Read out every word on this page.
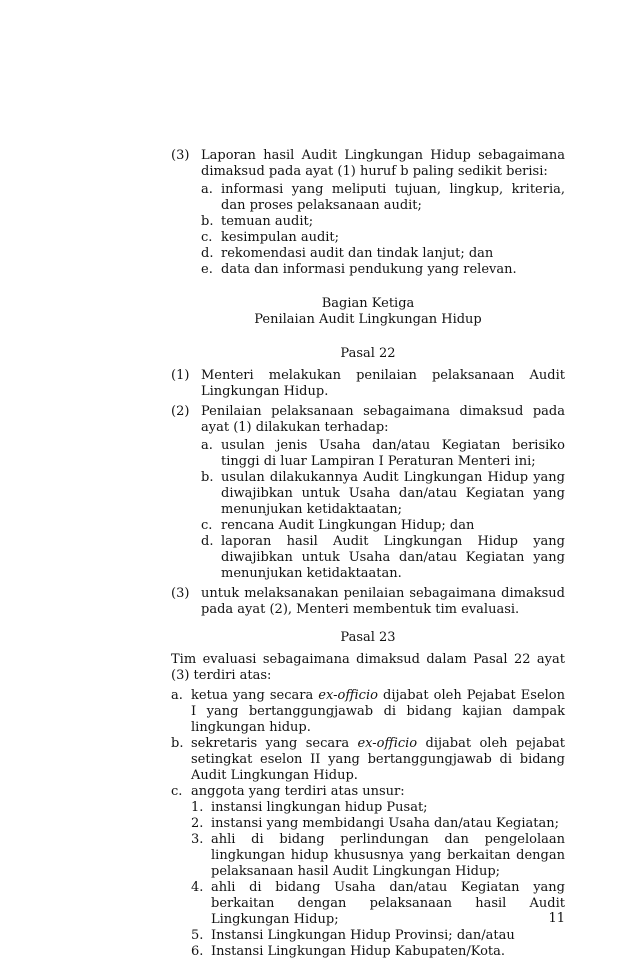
(3) Laporan hasil Audit Lingkungan Hidup sebagaimana dimaksud pada ayat (1) huruf b paling sedikit berisi:

a. informasi yang meliputi tujuan, lingkup, kriteria, dan proses pelaksanaan audit;
b. temuan audit;
c. kesimpulan audit;
d. rekomendasi audit dan tindak lanjut; dan
e. data dan informasi pendukung yang relevan.

Bagian Ketiga

Penilaian Audit Lingkungan Hidup

Pasal 22

(1) Menteri melakukan penilaian pelaksanaan Audit Lingkungan Hidup.
(2) Penilaian pelaksanaan sebagaimana dimaksud pada ayat (1) dilakukan terhadap:

a. usulan jenis Usaha dan/atau Kegiatan berisiko tinggi di luar Lampiran I Peraturan Menteri ini;
b. usulan dilakukannya Audit Lingkungan Hidup yang diwajibkan untuk Usaha dan/atau Kegiatan yang menunjukan ketidaktaatan;
c. rencana Audit Lingkungan Hidup; dan
d. laporan hasil Audit Lingkungan Hidup yang diwajibkan untuk Usaha dan/atau Kegiatan yang menunjukan ketidaktaatan.
(3) untuk melaksanakan penilaian sebagaimana dimaksud pada ayat (2), Menteri membentuk tim evaluasi.

Pasal 23

Tim evaluasi sebagaimana dimaksud dalam Pasal 22 ayat (3) terdiri atas:

a. ketua yang secara ex-officio dijabat oleh Pejabat Eselon I yang bertanggungjawab di bidang kajian dampak lingkungan hidup.
b. sekretaris yang secara ex-officio dijabat oleh pejabat setingkat eselon II yang bertanggungjawab di bidang Audit Lingkungan Hidup.
c. anggota yang terdiri atas unsur:

1. instansi lingkungan hidup Pusat;
2. instansi yang membidangi Usaha dan/atau Kegiatan;
3. ahli di bidang perlindungan dan pengelolaan lingkungan hidup khususnya yang berkaitan dengan pelaksanaan hasil Audit Lingkungan Hidup;
4. ahli di bidang Usaha dan/atau Kegiatan yang berkaitan dengan pelaksanaan hasil Audit Lingkungan Hidup;
5. Instansi Lingkungan Hidup Provinsi; dan/atau
6. Instansi Lingkungan Hidup Kabupaten/Kota.
11
